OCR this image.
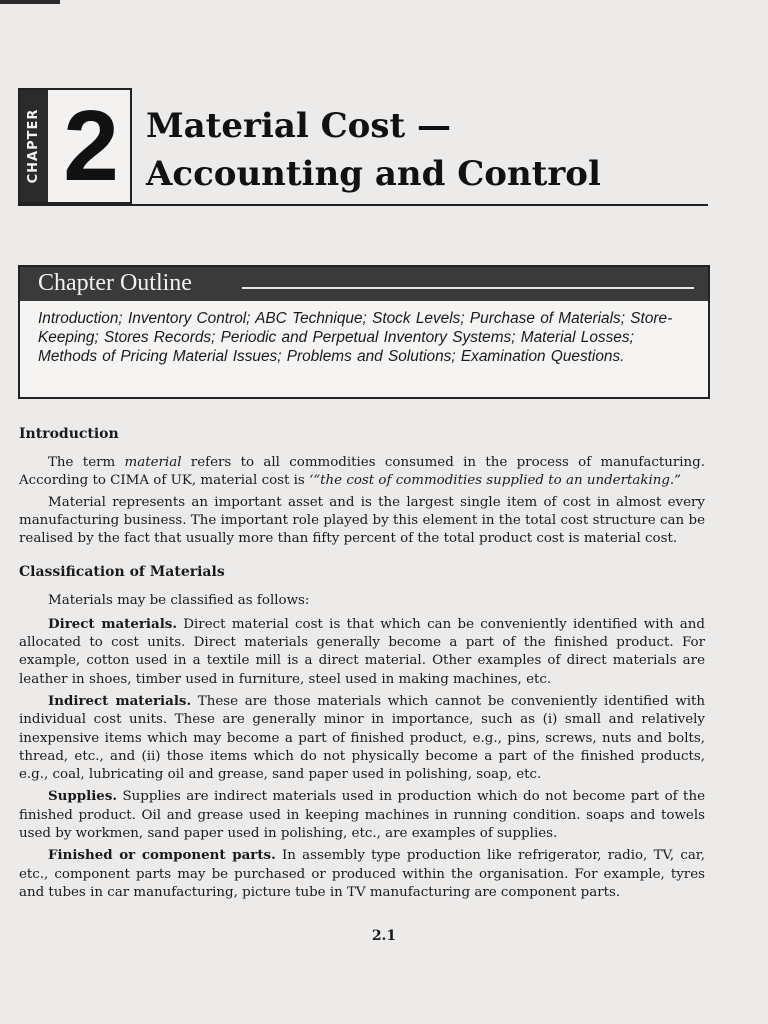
CHAPTER 2 Material Cost —
Accounting and Control
Chapter Outline
Introduction; Inventory Control; ABC Technique; Stock Levels; Purchase of Materials; Store-Keeping; Stores Records; Periodic and Perpetual Inventory Systems; Material Losses; Methods of Pricing Material Issues; Problems and Solutions; Examination Questions.
Introduction

The term material refers to all commodities consumed in the process of manufacturing. According to CIMA of UK, material cost is ‘“the cost of commodities supplied to an undertaking.”

Material represents an important asset and is the largest single item of cost in almost every manufacturing business. The important role played by this element in the total cost structure can be realised by the fact that usually more than fifty percent of the total product cost is material cost.

Classification of Materials

Materials may be classified as follows:

Direct materials. Direct material cost is that which can be conveniently identified with and allocated to cost units. Direct materials generally become a part of the finished product. For example, cotton used in a textile mill is a direct material. Other examples of direct materials are leather in shoes, timber used in furniture, steel used in making machines, etc.

Indirect materials. These are those materials which cannot be conveniently identified with individual cost units. These are generally minor in importance, such as (i) small and relatively inexpensive items which may become a part of finished product, e.g., pins, screws, nuts and bolts, thread, etc., and (ii) those items which do not physically become a part of the finished products, e.g., coal, lubricating oil and grease, sand paper used in polishing, soap, etc.

Supplies. Supplies are indirect materials used in production which do not become part of the finished product. Oil and grease used in keeping machines in running condition. soaps and towels used by workmen, sand paper used in polishing, etc., are examples of supplies.

Finished or component parts. In assembly type production like refrigerator, radio, TV, car, etc., component parts may be purchased or produced within the organisation. For example, tyres and tubes in car manufacturing, picture tube in TV manufacturing are component parts.

2.1
